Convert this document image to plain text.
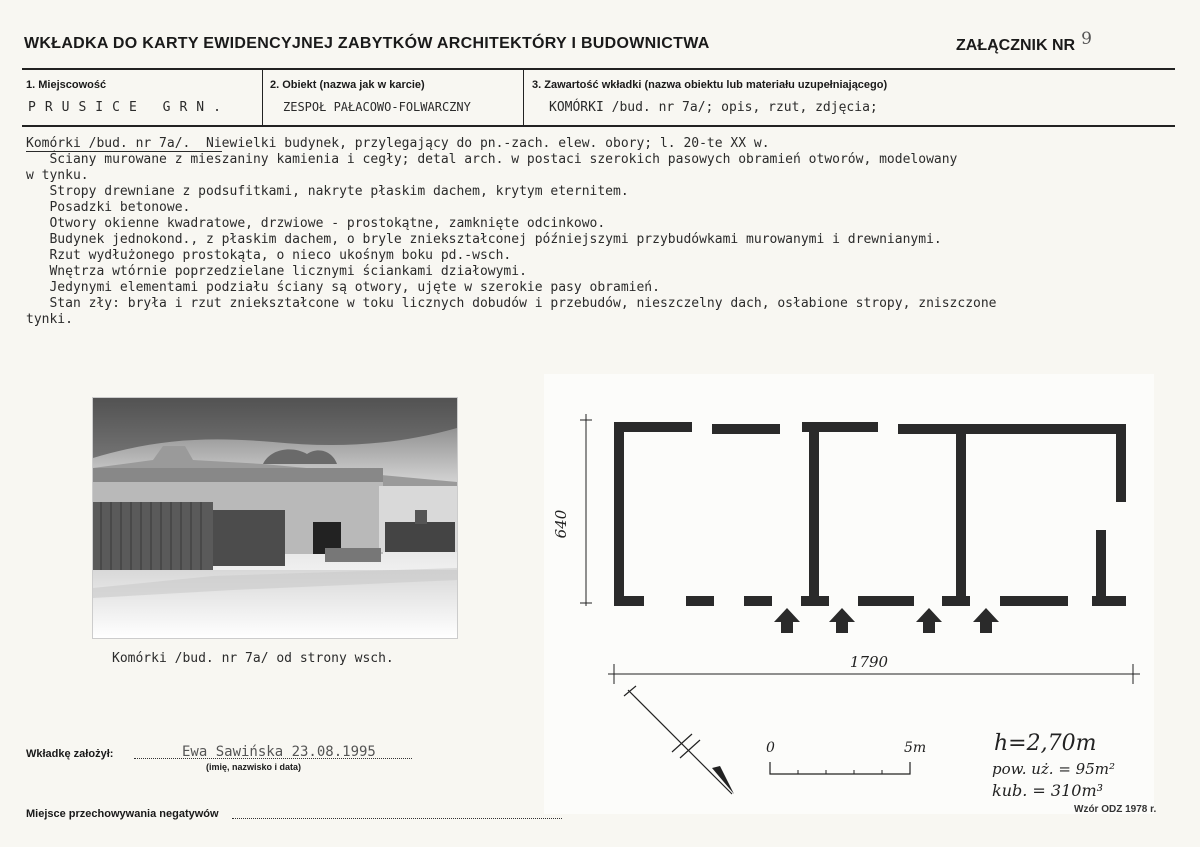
WKŁADKA DO KARTY EWIDENCYJNEJ ZABYTKÓW ARCHITEKTÓRY I BUDOWNICTWA	ZAŁĄCZNIK NR 9
1. Miejscowość	2. Obiekt (nazwa jak w karcie)	3. Zawartość wkładki (nazwa obiektu lub materiału uzupełniającego)
PRUSICE GRN.	ZESPOŁ PAŁACOWO-FOLWARCZNY	KOMÓRKI /bud. nr 7a/; opis, rzut, zdjęcia;
Komórki /bud. nr 7a/.  Niewielki budynek, przylegający do pn.-zach. elew. obory; l. 20-te XX w.
Ściany murowane z mieszaniny kamienia i cegły; detal arch. w postaci szerokich pasowych obramień otworów, modelowany
w tynku.
Stropy drewniane z podsufitkami, nakryte płaskim dachem, krytym eternitem.
Posadzki betonowe.
Otwory okienne kwadratowe, drzwiowe - prostokątne, zamknięte odcinkowo.
Budynek jednokond., z płaskim dachem, o bryle zniekształconej późniejszymi przybudówkami murowanymi i drewnianymi.
Rzut wydłużonego prostokąta, o nieco ukośnym boku pd.-wsch.
Wnętrza wtórnie poprzedzielane licznymi ściankami działowymi.
Jedynymi elementami podziału ściany są otwory, ujęte w szerokie pasy obramień.
Stan zły: bryła i rzut zniekształcone w toku licznych dobudów i przebudów, nieszczelny dach, osłabione stropy, zniszczone
tynki.
Komórki /bud. nr 7a/ od strony wsch.
640
1790
0	5m	h=2,70m
pow. uż. = 95m²
kub. = 310m³
Wkładkę założył:	Ewa Sawińska 23.08.1995
(imię, nazwisko i data)
Miejsce przechowywania negatywów	Wzór ODZ 1978 r.
